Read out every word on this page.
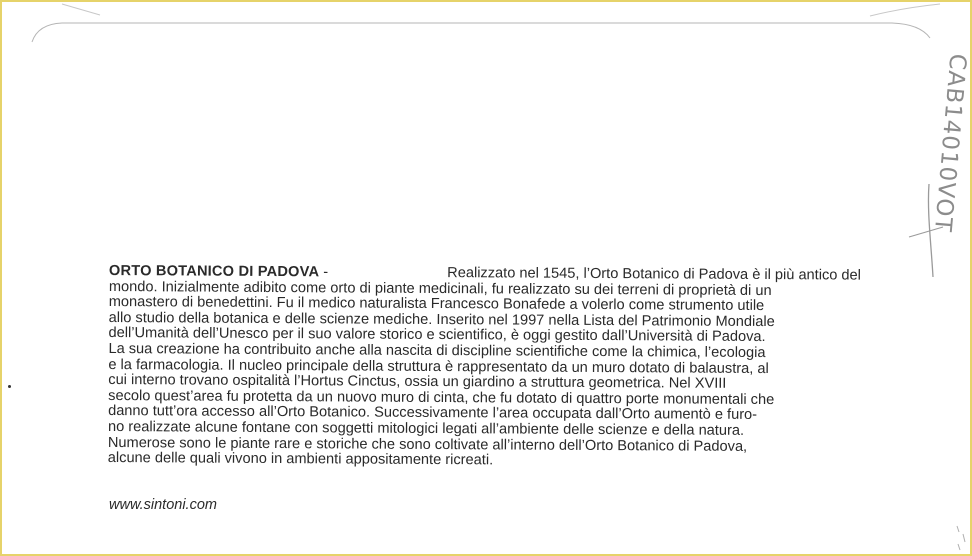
CAB14010VOT
ORTO BOTANICO DI PADOVA -	Realizzato nel 1545, l’Orto Botanico di Padova è il più antico del
mondo. Inizialmente adibito come orto di piante medicinali, fu realizzato su dei terreni di proprietà di un
monastero di benedettini. Fu il medico naturalista Francesco Bonafede a volerlo come strumento utile
allo studio della botanica e delle scienze mediche. Inserito nel 1997 nella Lista del Patrimonio Mondiale
dell’Umanità dell’Unesco per il suo valore storico e scientifico, è oggi gestito dall’Università di Padova.
La sua creazione ha contribuito anche alla nascita di discipline scientifiche come la chimica, l’ecologia
e la farmacologia. Il nucleo principale della struttura è rappresentato da un muro dotato di balaustra, al
cui interno trovano ospitalità l’Hortus Cinctus, ossia un giardino a struttura geometrica. Nel XVIII
secolo quest’area fu protetta da un nuovo muro di cinta, che fu dotato di quattro porte monumentali che
danno tutt’ora accesso all’Orto Botanico. Successivamente l’area occupata dall’Orto aumentò e furo-
no realizzate alcune fontane con soggetti mitologici legati all’ambiente delle scienze e della natura.
Numerose sono le piante rare e storiche che sono coltivate all’interno dell’Orto Botanico di Padova,
alcune delle quali vivono in ambienti appositamente ricreati.
www.sintoni.com
